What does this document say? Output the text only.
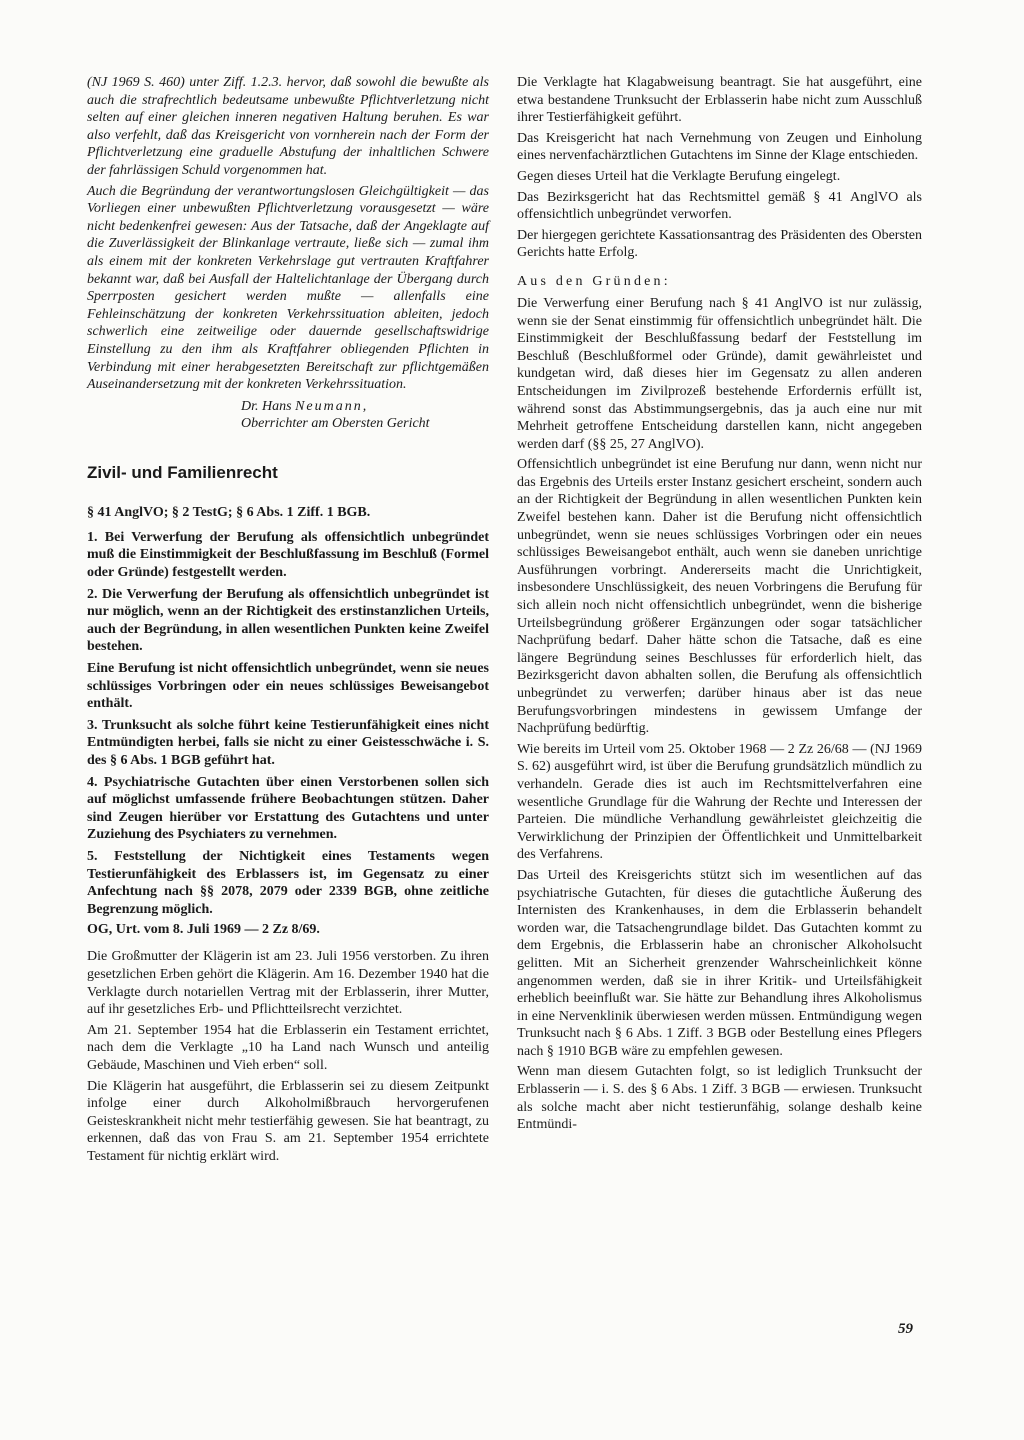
(NJ 1969 S. 460) unter Ziff. 1.2.3. hervor, daß sowohl die bewußte als auch die strafrechtlich bedeutsame unbewußte Pflichtverletzung nicht selten auf einer gleichen inneren negativen Haltung beruhen. Es war also verfehlt, daß das Kreisgericht von vornherein nach der Form der Pflichtverletzung eine graduelle Abstufung der inhaltlichen Schwere der fahrlässigen Schuld vorgenommen hat.

Auch die Begründung der verantwortungslosen Gleichgültigkeit — das Vorliegen einer unbewußten Pflichtverletzung vorausgesetzt — wäre nicht bedenkenfrei gewesen: Aus der Tatsache, daß der Angeklagte auf die Zuverlässigkeit der Blinkanlage vertraute, ließe sich — zumal ihm als einem mit der konkreten Verkehrslage gut vertrauten Kraftfahrer bekannt war, daß bei Ausfall der Haltelichtanlage der Übergang durch Sperrposten gesichert werden mußte — allenfalls eine Fehleinschätzung der konkreten Verkehrssituation ableiten, jedoch schwerlich eine zeitweilige oder dauernde gesellschaftswidrige Einstellung zu den ihm als Kraftfahrer obliegenden Pflichten in Verbindung mit einer herabgesetzten Bereitschaft zur pflichtgemäßen Auseinandersetzung mit der konkreten Verkehrssituation.

Dr. Hans Neumann,
Oberrichter am Obersten Gericht
Zivil- und Familienrecht

§ 41 AnglVO; § 2 TestG; § 6 Abs. 1 Ziff. 1 BGB.

1. Bei Verwerfung der Berufung als offensichtlich unbegründet muß die Einstimmigkeit der Beschlußfassung im Beschluß (Formel oder Gründe) festgestellt werden.

2. Die Verwerfung der Berufung als offensichtlich unbegründet ist nur möglich, wenn an der Richtigkeit des erstinstanzlichen Urteils, auch der Begründung, in allen wesentlichen Punkten keine Zweifel bestehen.

Eine Berufung ist nicht offensichtlich unbegründet, wenn sie neues schlüssiges Vorbringen oder ein neues schlüssiges Beweisangebot enthält.

3. Trunksucht als solche führt keine Testierunfähigkeit eines nicht Entmündigten herbei, falls sie nicht zu einer Geistesschwäche i. S. des § 6 Abs. 1 BGB geführt hat.

4. Psychiatrische Gutachten über einen Verstorbenen sollen sich auf möglichst umfassende frühere Beobachtungen stützen. Daher sind Zeugen hierüber vor Erstattung des Gutachtens und unter Zuziehung des Psychiaters zu vernehmen.

5. Feststellung der Nichtigkeit eines Testaments wegen Testierunfähigkeit des Erblassers ist, im Gegensatz zu einer Anfechtung nach §§ 2078, 2079 oder 2339 BGB, ohne zeitliche Begrenzung möglich.

OG, Urt. vom 8. Juli 1969 — 2 Zz 8/69.

Die Großmutter der Klägerin ist am 23. Juli 1956 verstorben. Zu ihren gesetzlichen Erben gehört die Klägerin. Am 16. Dezember 1940 hat die Verklagte durch notariellen Vertrag mit der Erblasserin, ihrer Mutter, auf ihr gesetzliches Erb- und Pflichtteilsrecht verzichtet.

Am 21. September 1954 hat die Erblasserin ein Testament errichtet, nach dem die Verklagte „10 ha Land nach Wunsch und anteilig Gebäude, Maschinen und Vieh erben“ soll.

Die Klägerin hat ausgeführt, die Erblasserin sei zu diesem Zeitpunkt infolge einer durch Alkoholmißbrauch hervorgerufenen Geisteskrankheit nicht mehr testierfähig gewesen. Sie hat beantragt, zu erkennen, daß das von Frau S. am 21. September 1954 errichtete Testament für nichtig erklärt wird.

Die Verklagte hat Klagabweisung beantragt. Sie hat ausgeführt, eine etwa bestandene Trunksucht der Erblasserin habe nicht zum Ausschluß ihrer Testierfähigkeit geführt.

Das Kreisgericht hat nach Vernehmung von Zeugen und Einholung eines nervenfachärztlichen Gutachtens im Sinne der Klage entschieden.

Gegen dieses Urteil hat die Verklagte Berufung eingelegt.

Das Bezirksgericht hat das Rechtsmittel gemäß § 41 AnglVO als offensichtlich unbegründet verworfen.

Der hiergegen gerichtete Kassationsantrag des Präsidenten des Obersten Gerichts hatte Erfolg.

Aus den Gründen:

Die Verwerfung einer Berufung nach § 41 AnglVO ist nur zulässig, wenn sie der Senat einstimmig für offensichtlich unbegründet hält. Die Einstimmigkeit der Beschlußfassung bedarf der Feststellung im Beschluß (Beschlußformel oder Gründe), damit gewährleistet und kundgetan wird, daß dieses hier im Gegensatz zu allen anderen Entscheidungen im Zivilprozeß bestehende Erfordernis erfüllt ist, während sonst das Abstimmungsergebnis, das ja auch eine nur mit Mehrheit getroffene Entscheidung darstellen kann, nicht angegeben werden darf (§§ 25, 27 AnglVO).

Offensichtlich unbegründet ist eine Berufung nur dann, wenn nicht nur das Ergebnis des Urteils erster Instanz gesichert erscheint, sondern auch an der Richtigkeit der Begründung in allen wesentlichen Punkten kein Zweifel bestehen kann. Daher ist die Berufung nicht offensichtlich unbegründet, wenn sie neues schlüssiges Vorbringen oder ein neues schlüssiges Beweisangebot enthält, auch wenn sie daneben unrichtige Ausführungen vorbringt. Andererseits macht die Unrichtigkeit, insbesondere Unschlüssigkeit, des neuen Vorbringens die Berufung für sich allein noch nicht offensichtlich unbegründet, wenn die bisherige Urteilsbegründung größerer Ergänzungen oder sogar tatsächlicher Nachprüfung bedarf. Daher hätte schon die Tatsache, daß es eine längere Begründung seines Beschlusses für erforderlich hielt, das Bezirksgericht davon abhalten sollen, die Berufung als offensichtlich unbegründet zu verwerfen; darüber hinaus aber ist das neue Berufungsvorbringen mindestens in gewissem Umfange der Nachprüfung bedürftig.

Wie bereits im Urteil vom 25. Oktober 1968 — 2 Zz 26/68 — (NJ 1969 S. 62) ausgeführt wird, ist über die Berufung grundsätzlich mündlich zu verhandeln. Gerade dies ist auch im Rechtsmittelverfahren eine wesentliche Grundlage für die Wahrung der Rechte und Interessen der Parteien. Die mündliche Verhandlung gewährleistet gleichzeitig die Verwirklichung der Prinzipien der Öffentlichkeit und Unmittelbarkeit des Verfahrens.

Das Urteil des Kreisgerichts stützt sich im wesentlichen auf das psychiatrische Gutachten, für dieses die gutachtliche Äußerung des Internisten des Krankenhauses, in dem die Erblasserin behandelt worden war, die Tatsachengrundlage bildet. Das Gutachten kommt zu dem Ergebnis, die Erblasserin habe an chronischer Alkoholsucht gelitten. Mit an Sicherheit grenzender Wahrscheinlichkeit könne angenommen werden, daß sie in ihrer Kritik- und Urteilsfähigkeit erheblich beeinflußt war. Sie hätte zur Behandlung ihres Alkoholismus in eine Nervenklinik überwiesen werden müssen. Entmündigung wegen Trunksucht nach § 6 Abs. 1 Ziff. 3 BGB oder Bestellung eines Pflegers nach § 1910 BGB wäre zu empfehlen gewesen.

Wenn man diesem Gutachten folgt, so ist lediglich Trunksucht der Erblasserin — i. S. des § 6 Abs. 1 Ziff. 3 BGB — erwiesen. Trunksucht als solche macht aber nicht testierunfähig, solange deshalb keine Entmündi-

59
